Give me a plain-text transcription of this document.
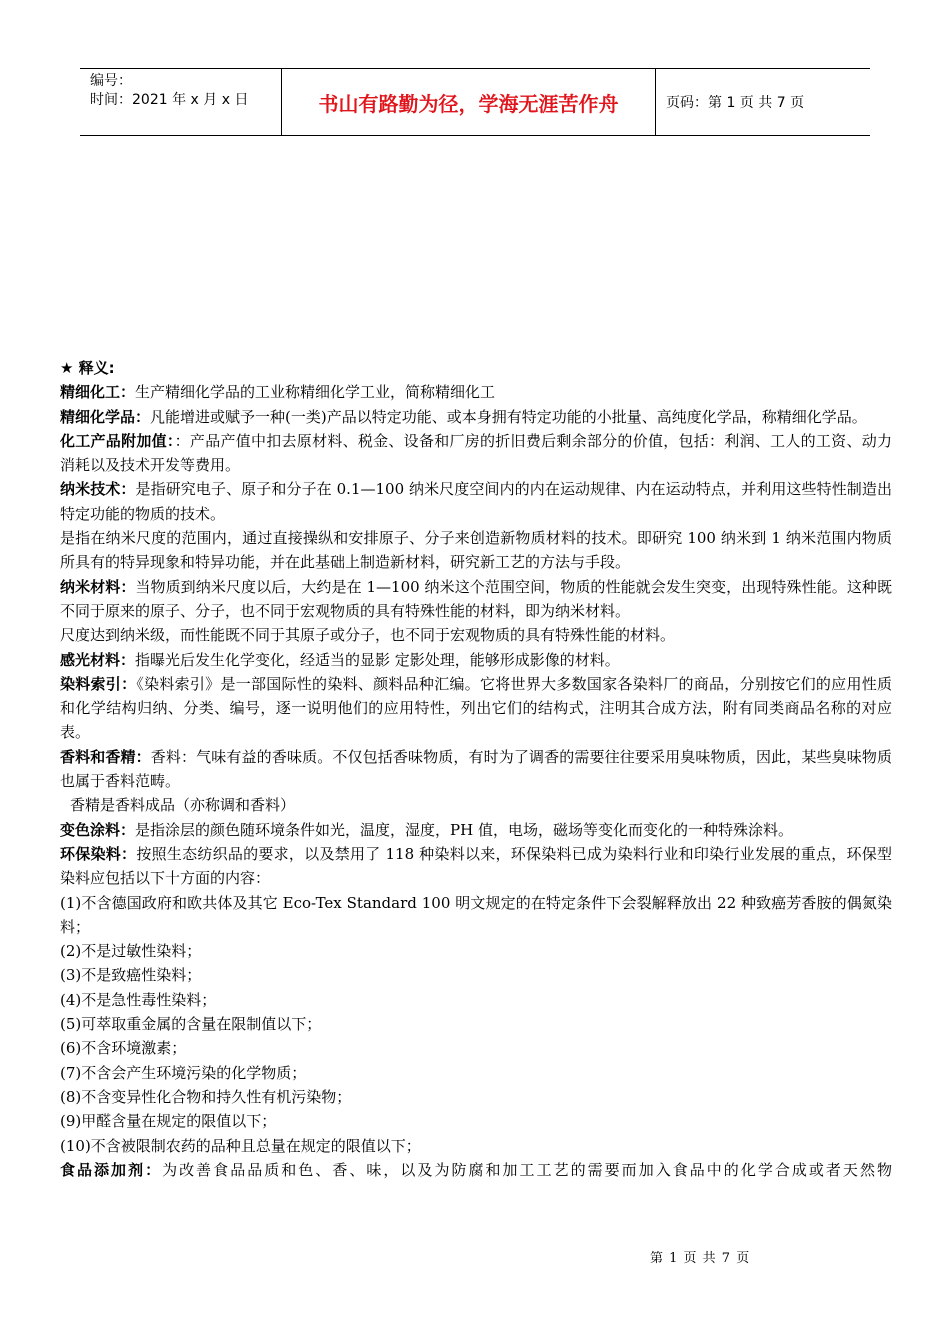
编号：
时间：2021 年 x 月 x 日	书山有路勤为径，学海无涯苦作舟	页码：第 1 页 共 7 页

★ 释义:

精细化工：生产精细化学品的工业称精细化学工业，简称精细化工

精细化学品：凡能增进或赋予一种(一类)产品以特定功能、或本身拥有特定功能的小批量、高纯度化学品，称精细化学品。

化工产品附加值：：产品产值中扣去原材料、税金、设备和厂房的折旧费后剩余部分的价值，包括：利润、工人的工资、动力消耗以及技术开发等费用。

纳米技术：是指研究电子、原子和分子在 0.1—100 纳米尺度空间内的内在运动规律、内在运动特点，并利用这些特性制造出特定功能的物质的技术。

是指在纳米尺度的范围内，通过直接操纵和安排原子、分子来创造新物质材料的技术。即研究 100 纳米到 1 纳米范围内物质所具有的特异现象和特异功能，并在此基础上制造新材料，研究新工艺的方法与手段。

纳米材料：当物质到纳米尺度以后，大约是在 1—100 纳米这个范围空间，物质的性能就会发生突变，出现特殊性能。这种既不同于原来的原子、分子，也不同于宏观物质的具有特殊性能的材料，即为纳米材料。

尺度达到纳米级，而性能既不同于其原子或分子，也不同于宏观物质的具有特殊性能的材料。

感光材料：指曝光后发生化学变化，经适当的显影 定影处理，能够形成影像的材料。

染料索引：《染料索引》是一部国际性的染料、颜料品种汇编。它将世界大多数国家各染料厂的商品，分别按它们的应用性质和化学结构归纳、分类、编号，逐一说明他们的应用特性，列出它们的结构式，注明其合成方法，附有同类商品名称的对应表。

香料和香精：香料：气味有益的香味质。不仅包括香味物质，有时为了调香的需要往往要采用臭味物质，因此，某些臭味物质也属于香料范畴。

香精是香料成品（亦称调和香料）

变色涂料：是指涂层的颜色随环境条件如光，温度，湿度，PH 值，电场，磁场等变化而变化的一种特殊涂料。

环保染料：按照生态纺织品的要求，以及禁用了 118 种染料以来，环保染料已成为染料行业和印染行业发展的重点，环保型染料应包括以下十方面的内容：

(1)不含德国政府和欧共体及其它 Eco-Tex Standard 100 明文规定的在特定条件下会裂解释放出 22 种致癌芳香胺的偶氮染料；

(2)不是过敏性染料；

(3)不是致癌性染料；

(4)不是急性毒性染料；

(5)可萃取重金属的含量在限制值以下；

(6)不含环境激素；

(7)不含会产生环境污染的化学物质；

(8)不含变异性化合物和持久性有机污染物；

(9)甲醛含量在规定的限值以下；

(10)不含被限制农药的品种且总量在规定的限值以下；

食品添加剂：为改善食品品质和色、香、味，以及为防腐和加工工艺的需要而加入食品中的化学合成或者天然物

第 1 页 共 7 页
